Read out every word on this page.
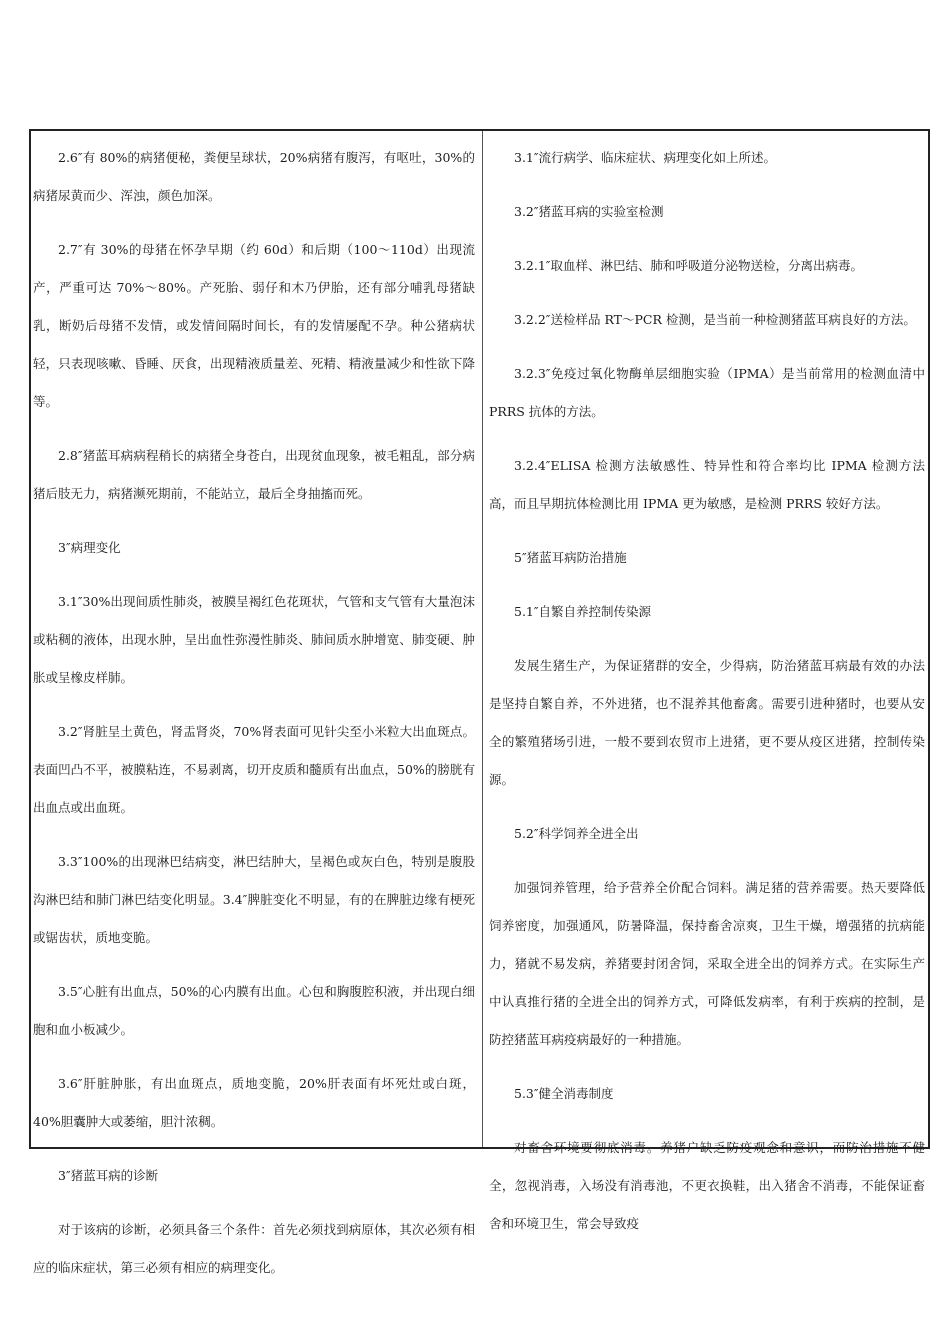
2.6″有 80%的病猪便秘，粪便呈球状，20%病猪有腹泻，有呕吐，30%的病猪尿黄而少、浑浊，颜色加深。

2.7″有 30%的母猪在怀孕早期（约 60d）和后期（100～110d）出现流产，严重可达 70%～80%。产死胎、弱仔和木乃伊胎，还有部分哺乳母猪缺乳，断奶后母猪不发情，或发情间隔时间长，有的发情屡配不孕。种公猪病状轻，只表现咳嗽、昏睡、厌食，出现精液质量差、死精、精液量减少和性欲下降等。

2.8″猪蓝耳病病程稍长的病猪全身苍白，出现贫血现象，被毛粗乱，部分病猪后肢无力，病猪濒死期前，不能站立，最后全身抽搐而死。

3″病理变化

3.1″30%出现间质性肺炎，被膜呈褐红色花斑状，气管和支气管有大量泡沫或粘稠的液体，出现水肿，呈出血性弥漫性肺炎、肺间质水肿增宽、肺变硬、肿胀或呈橡皮样肺。

3.2″肾脏呈土黄色，肾盂肾炎，70%肾表面可见针尖至小米粒大出血斑点。表面凹凸不平，被膜粘连，不易剥离，切开皮质和髓质有出血点，50%的膀胱有出血点或出血斑。

3.3″100%的出现淋巴结病变，淋巴结肿大，呈褐色或灰白色，特别是腹股沟淋巴结和肺门淋巴结变化明显。3.4″脾脏变化不明显，有的在脾脏边缘有梗死或锯齿状，质地变脆。

3.5″心脏有出血点，50%的心内膜有出血。心包和胸腹腔积液，并出现白细胞和血小板减少。

3.6″肝脏肿胀，有出血斑点，质地变脆，20%肝表面有坏死灶或白斑，40%胆囊肿大或萎缩，胆汁浓稠。

3″猪蓝耳病的诊断

对于该病的诊断，必须具备三个条件：首先必须找到病原体，其次必须有相应的临床症状，第三必须有相应的病理变化。

3.1″流行病学、临床症状、病理变化如上所述。

3.2″猪蓝耳病的实验室检测

3.2.1″取血样、淋巴结、肺和呼吸道分泌物送检，分离出病毒。

3.2.2″送检样品 RT～PCR 检测，是当前一种检测猪蓝耳病良好的方法。

3.2.3″免疫过氧化物酶单层细胞实验（IPMA）是当前常用的检测血清中 PRRS 抗体的方法。

3.2.4″ELISA 检测方法敏感性、特异性和符合率均比 IPMA 检测方法高，而且早期抗体检测比用 IPMA 更为敏感，是检测 PRRS 较好方法。

5″猪蓝耳病防治措施

5.1″自繁自养控制传染源

发展生猪生产，为保证猪群的安全，少得病，防治猪蓝耳病最有效的办法是坚持自繁自养，不外进猪，也不混养其他畜禽。需要引进种猪时，也要从安全的繁殖猪场引进，一般不要到农贸市上进猪，更不要从疫区进猪，控制传染源。

5.2″科学饲养全进全出

加强饲养管理，给予营养全价配合饲料。满足猪的营养需要。热天要降低饲养密度，加强通风，防暑降温，保持畜舍凉爽，卫生干燥，增强猪的抗病能力，猪就不易发病，养猪要封闭舍饲，采取全进全出的饲养方式。在实际生产中认真推行猪的全进全出的饲养方式，可降低发病率，有利于疾病的控制，是防控猪蓝耳病疫病最好的一种措施。

5.3″健全消毒制度

对畜舍环境要彻底消毒。养猪户缺乏防疫观念和意识，而防治措施不健全，忽视消毒，入场没有消毒池，不更衣换鞋，出入猪舍不消毒，不能保证畜舍和环境卫生，常会导致疫
